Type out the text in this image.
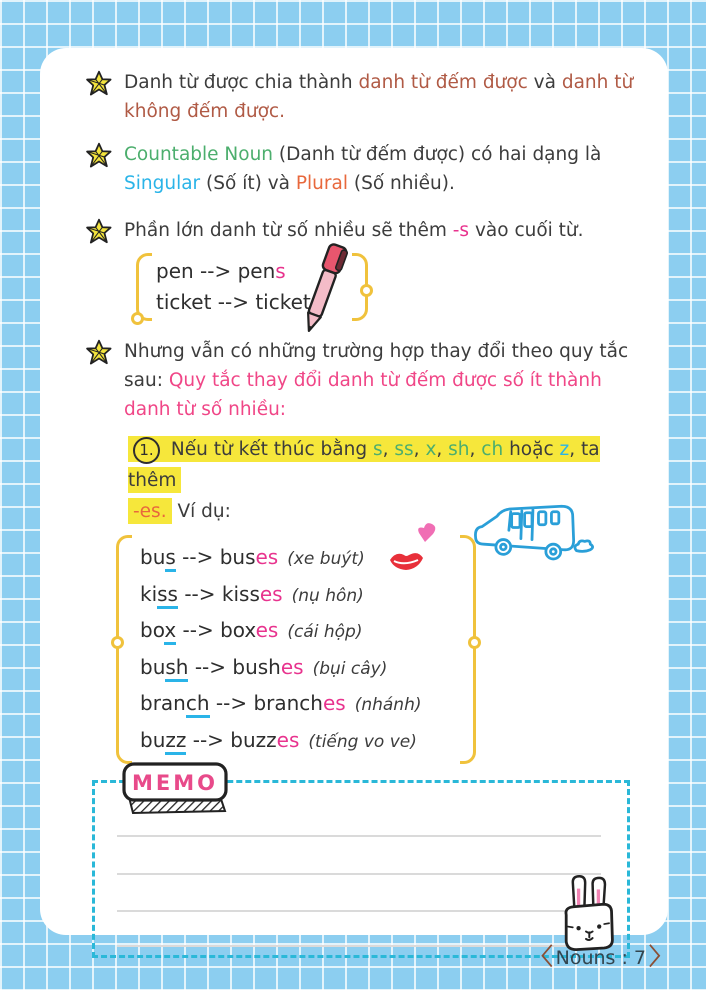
Danh từ được chia thành danh từ đếm được và danh từ không đếm được.
Countable Noun (Danh từ đếm được) có hai dạng là Singular (Số ít) và Plural (Số nhiều).
Phần lớn danh từ số nhiều sẽ thêm -s vào cuối từ.
pen --> pens
ticket --> ticket
Nhưng vẫn có những trường hợp thay đổi theo quy tắc sau: Quy tắc thay đổi danh từ đếm được số ít thành danh từ số nhiều:
1. Nếu từ kết thúc bằng s, ss, x, sh, ch hoặc z, ta thêm
-es. Ví dụ:
bus --> buses (xe buýt)
kiss --> kisses (nụ hôn)
box --> boxes (cái hộp)
bush --> bushes (bụi cây)
branch --> branches (nhánh)
buzz --> buzzes (tiếng vo ve)
MEMO
〈 Nouns : 7 〉
